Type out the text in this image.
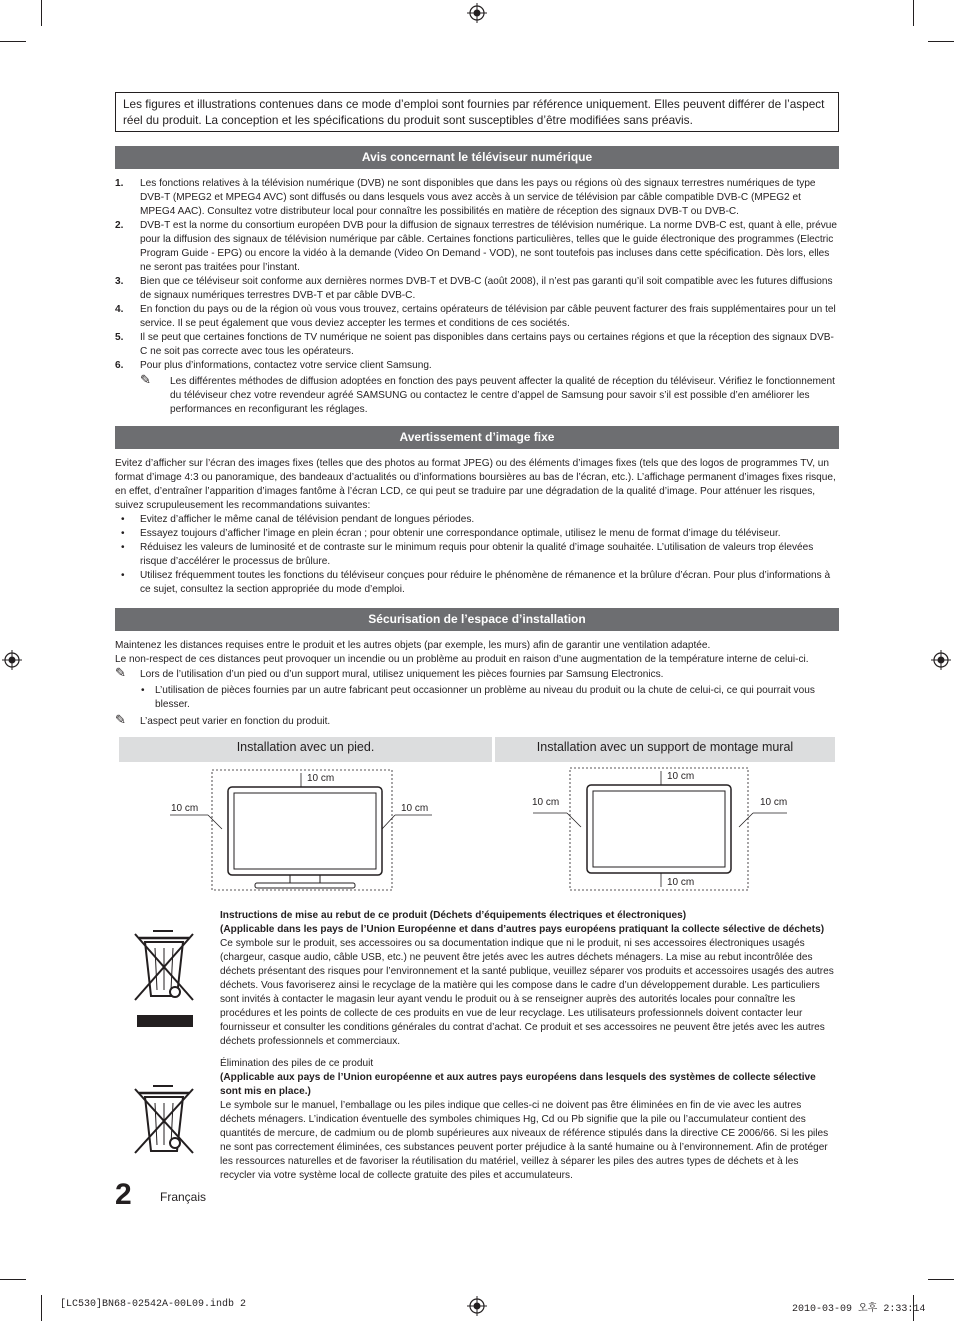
Les figures et illustrations contenues dans ce mode d’emploi sont fournies par référence uniquement. Elles peuvent différer de l’aspect réel du produit. La conception et les spécifications du produit sont susceptibles d’être modifiées sans préavis.
Avis concernant le téléviseur numérique
1. Les fonctions relatives à la télévision numérique (DVB) ne sont disponibles que dans les pays ou régions où des signaux terrestres numériques de type DVB-T (MPEG2 et MPEG4 AVC) sont diffusés ou dans lesquels vous avez accès à un service de télévision par câble compatible DVB-C (MPEG2 et MPEG4 AAC). Consultez votre distributeur local pour connaître les possibilités en matière de réception des signaux DVB-T ou DVB-C.
2. DVB-T est la norme du consortium européen DVB pour la diffusion de signaux terrestres de télévision numérique. La norme DVB-C est, quant à elle, prévue pour la diffusion des signaux de télévision numérique par câble. Certaines fonctions particulières, telles que le guide électronique des programmes (Electric Program Guide - EPG) ou encore la vidéo à la demande (Video On Demand - VOD), ne sont toutefois pas incluses dans cette spécification. Dès lors, elles ne seront pas traitées pour l’instant.
3. Bien que ce téléviseur soit conforme aux dernières normes DVB-T et DVB-C (août 2008), il n’est pas garanti qu’il soit compatible avec les futures diffusions de signaux numériques terrestres DVB-T et par câble DVB-C.
4. En fonction du pays ou de la région où vous vous trouvez, certains opérateurs de télévision par câble peuvent facturer des frais supplémentaires pour un tel service. Il se peut également que vous deviez accepter les termes et conditions de ces sociétés.
5. Il se peut que certaines fonctions de TV numérique ne soient pas disponibles dans certains pays ou certaines régions et que la réception des signaux DVB-C ne soit pas correcte avec tous les opérateurs.
6. Pour plus d’informations, contactez votre service client Samsung.
✎ Les différentes méthodes de diffusion adoptées en fonction des pays peuvent affecter la qualité de réception du téléviseur. Vérifiez le fonctionnement du téléviseur chez votre revendeur agréé SAMSUNG ou contactez le centre d’appel de Samsung pour savoir s’il est possible d’en améliorer les performances en reconfigurant les réglages.
Avertissement d’image fixe

Evitez d’afficher sur l’écran des images fixes (telles que des photos au format JPEG) ou des éléments d’images fixes (tels que des logos de programmes TV, un format d’image 4:3 ou panoramique, des bandeaux d’actualités ou d’informations boursières au bas de l’écran, etc.). L’affichage permanent d’images fixes risque, en effet, d’entraîner l’apparition d’images fantôme à l’écran LCD, ce qui peut se traduire par une dégradation de la qualité d’image. Pour atténuer les risques, suivez scrupuleusement les recommandations suivantes:

• Evitez d’afficher le même canal de télévision pendant de longues périodes.
• Essayez toujours d’afficher l’image en plein écran ; pour obtenir une correspondance optimale, utilisez le menu de format d’image du téléviseur.
• Réduisez les valeurs de luminosité et de contraste sur le minimum requis pour obtenir la qualité d’image souhaitée. L’utilisation de valeurs trop élevées risque d’accélérer le processus de brûlure.
• Utilisez fréquemment toutes les fonctions du téléviseur conçues pour réduire le phénomène de rémanence et la brûlure d’écran. Pour plus d’informations à ce sujet, consultez la section appropriée du mode d’emploi.
Sécurisation de l’espace d’installation

Maintenez les distances requises entre le produit et les autres objets (par exemple, les murs) afin de garantir une ventilation adaptée.

Le non-respect de ces distances peut provoquer un incendie ou un problème au produit en raison d’une augmentation de la température interne de celui-ci.

✎ Lors de l’utilisation d’un pied ou d’un support mural, utilisez uniquement les pièces fournies par Samsung Electronics.
• L’utilisation de pièces fournies par un autre fabricant peut occasionner un problème au niveau du produit ou la chute de celui-ci, ce qui pourrait vous blesser.
✎ L’aspect peut varier en fonction du produit.
Installation avec un pied.	Installation avec un support de montage mural
10 cm
10 cm	10 cm
10 cm
10 cm	10 cm
10 cm

Instructions de mise au rebut de ce produit (Déchets d’équipements électriques et électroniques)

(Applicable dans les pays de l’Union Européenne et dans d’autres pays européens pratiquant la collecte sélective de déchets)

Ce symbole sur le produit, ses accessoires ou sa documentation indique que ni le produit, ni ses accessoires électroniques usagés (chargeur, casque audio, câble USB, etc.) ne peuvent être jetés avec les autres déchets ménagers. La mise au rebut incontrôlée des déchets présentant des risques pour l’environnement et la santé publique, veuillez séparer vos produits et accessoires usagés des autres déchets. Vous favoriserez ainsi le recyclage de la matière qui les compose dans le cadre d’un développement durable. Les particuliers sont invités à contacter le magasin leur ayant vendu le produit ou à se renseigner auprès des autorités locales pour connaître les procédures et les points de collecte de ces produits en vue de leur recyclage. Les utilisateurs professionnels doivent contacter leur fournisseur et consulter les conditions générales du contrat d’achat. Ce produit et ses accessoires ne peuvent être jetés avec les autres déchets professionnels et commerciaux.

Élimination des piles de ce produit

(Applicable aux pays de l’Union européenne et aux autres pays européens dans lesquels des systèmes de collecte sélective sont mis en place.)

Le symbole sur le manuel, l’emballage ou les piles indique que celles-ci ne doivent pas être éliminées en fin de vie avec les autres déchets ménagers. L’indication éventuelle des symboles chimiques Hg, Cd ou Pb signifie que la pile ou l’accumulateur contient des quantités de mercure, de cadmium ou de plomb supérieures aux niveaux de référence stipulés dans la directive CE 2006/66. Si les piles ne sont pas correctement éliminées, ces substances peuvent porter préjudice à la santé humaine ou à l’environnement. Afin de protéger les ressources naturelles et de favoriser la réutilisation du matériel, veillez à séparer les piles des autres types de déchets et à les recycler via votre système local de collecte gratuite des piles et accumulateurs.

2 Français
[LC530]BN68-02542A-00L09.indb 2	2010-03-09 오후 2:33:14
